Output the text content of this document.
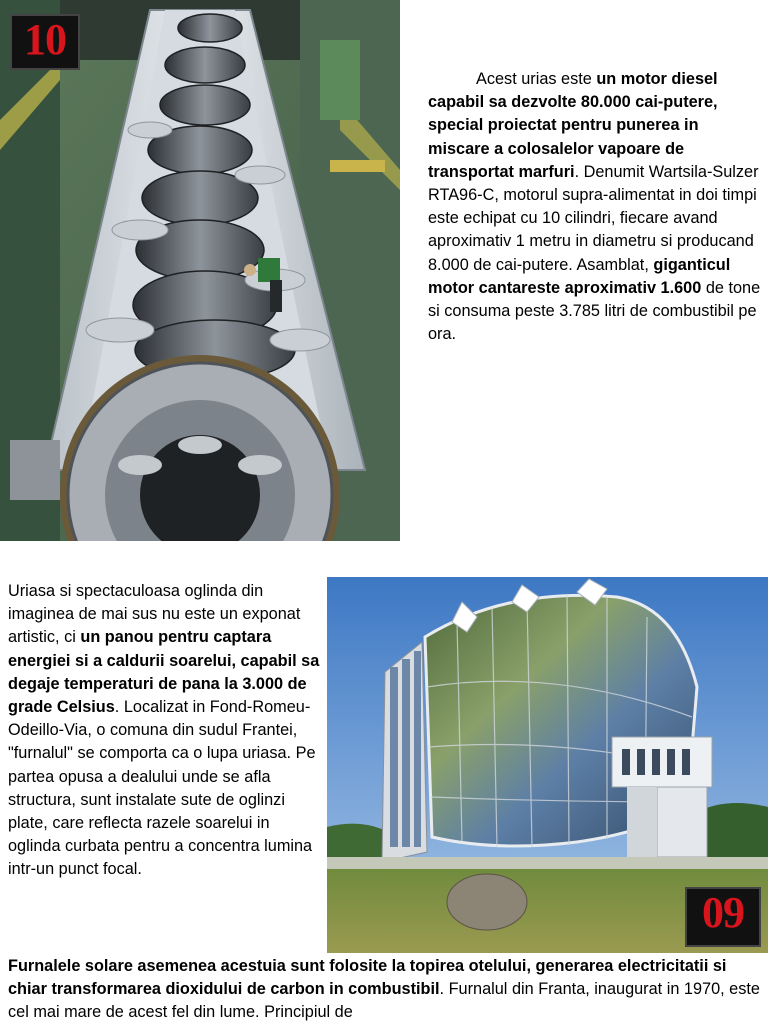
10

Acest urias este un motor diesel capabil sa dezvolte 80.000 cai-putere, special proiectat pentru punerea in miscare a colosalelor vapoare de transportat marfuri. Denumit Wartsila-Sulzer RTA96-C, motorul supra-alimentat in doi timpi este echipat cu 10 cilindri, fiecare avand aproximativ 1 metru in diametru si producand 8.000 de cai-putere. Asamblat, giganticul motor cantareste aproximativ 1.600 de tone si consuma peste 3.785 litri de combustibil pe ora.

09

Uriasa si spectaculoasa oglinda din imaginea de mai sus nu este un exponat artistic, ci un panou pentru captara energiei si a caldurii soarelui, capabil sa degaje temperaturi de pana la 3.000 de grade Celsius. Localizat in Fond-Romeu-Odeillo-Via, o comuna din sudul Frantei, "furnalul" se comporta ca o lupa uriasa. Pe partea opusa a dealului unde se afla structura, sunt instalate sute de oglinzi plate, care reflecta razele soarelui in oglinda curbata pentru a concentra lumina intr-un punct focal.

Furnalele solare asemenea acestuia sunt folosite la topirea otelului, generarea electricitatii si chiar transformarea dioxidului de carbon in combustibil. Furnalul din Franta, inaugurat in 1970, este cel mai mare de acest fel din lume. Principiul de
